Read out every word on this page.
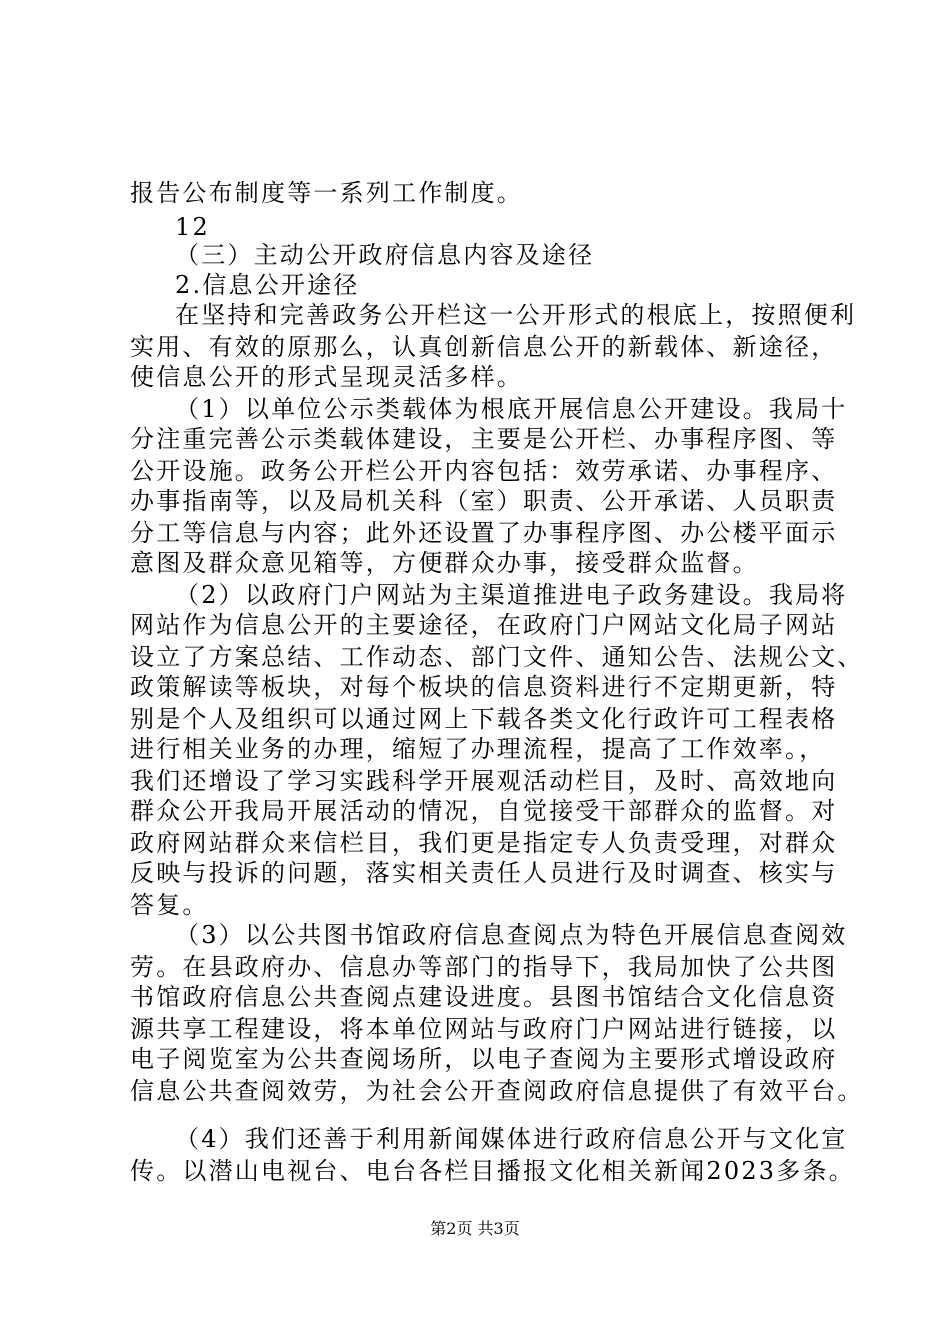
报告公布制度等一系列工作制度。
12
（三）主动公开政府信息内容及途径
2.信息公开途径
在坚持和完善政务公开栏这一公开形式的根底上，按照便利
实用、有效的原那么，认真创新信息公开的新载体、新途径，
使信息公开的形式呈现灵活多样。
（1）以单位公示类载体为根底开展信息公开建设。我局十
分注重完善公示类载体建设，主要是公开栏、办事程序图、等
公开设施。政务公开栏公开内容包括：效劳承诺、办事程序、
办事指南等，以及局机关科（室）职责、公开承诺、人员职责
分工等信息与内容；此外还设置了办事程序图、办公楼平面示
意图及群众意见箱等，方便群众办事，接受群众监督。
（2）以政府门户网站为主渠道推进电子政务建设。我局将
网站作为信息公开的主要途径，在政府门户网站文化局子网站
设立了方案总结、工作动态、部门文件、通知公告、法规公文、
政策解读等板块，对每个板块的信息资料进行不定期更新，特
别是个人及组织可以通过网上下载各类文化行政许可工程表格
进行相关业务的办理，缩短了办理流程，提高了工作效率。，
我们还增设了学习实践科学开展观活动栏目，及时、高效地向
群众公开我局开展活动的情况，自觉接受干部群众的监督。对
政府网站群众来信栏目，我们更是指定专人负责受理，对群众
反映与投诉的问题，落实相关责任人员进行及时调查、核实与
答复。
（3）以公共图书馆政府信息查阅点为特色开展信息查阅效
劳。在县政府办、信息办等部门的指导下，我局加快了公共图
书馆政府信息公共查阅点建设进度。县图书馆结合文化信息资
源共享工程建设，将本单位网站与政府门户网站进行链接，以
电子阅览室为公共查阅场所，以电子查阅为主要形式增设政府
信息公共查阅效劳，为社会公开查阅政府信息提供了有效平台。
（4）我们还善于利用新闻媒体进行政府信息公开与文化宣
传。以潜山电视台、电台各栏目播报文化相关新闻2023多条。
第2页 共3页
